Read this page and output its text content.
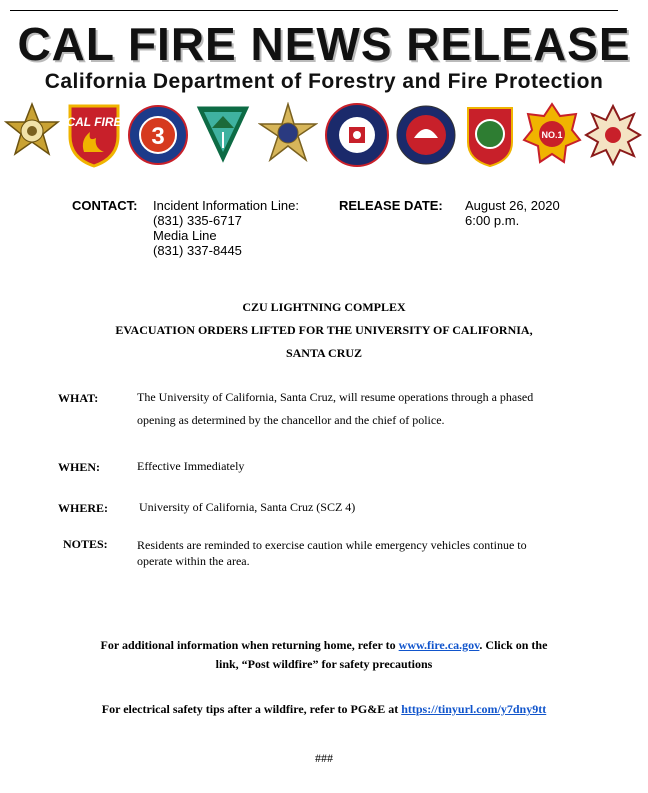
CAL FIRE NEWS RELEASE
California Department of Forestry and Fire Protection
CAL FIRE
3	NO.1
CONTACT: Incident Information Line:
(831) 335-6717
Media Line
(831) 337-8445
RELEASE DATE: August 26, 2020
6:00 p.m.
CZU LIGHTNING COMPLEX
EVACUATION ORDERS LIFTED FOR THE UNIVERSITY OF CALIFORNIA,
SANTA CRUZ
WHAT:	The University of California, Santa Cruz, will resume operations through a phased
opening as determined by the chancellor and the chief of police.
WHEN:	Effective Immediately
WHERE:	University of California, Santa Cruz (SCZ 4)
NOTES: Residents are reminded to exercise caution while emergency vehicles continue to
operate within the area.
For additional information when returning home, refer to www.fire.ca.gov. Click on the
link, “Post wildfire” for safety precautions
For electrical safety tips after a wildfire, refer to PG&E at https://tinyurl.com/y7dny9tt
###
